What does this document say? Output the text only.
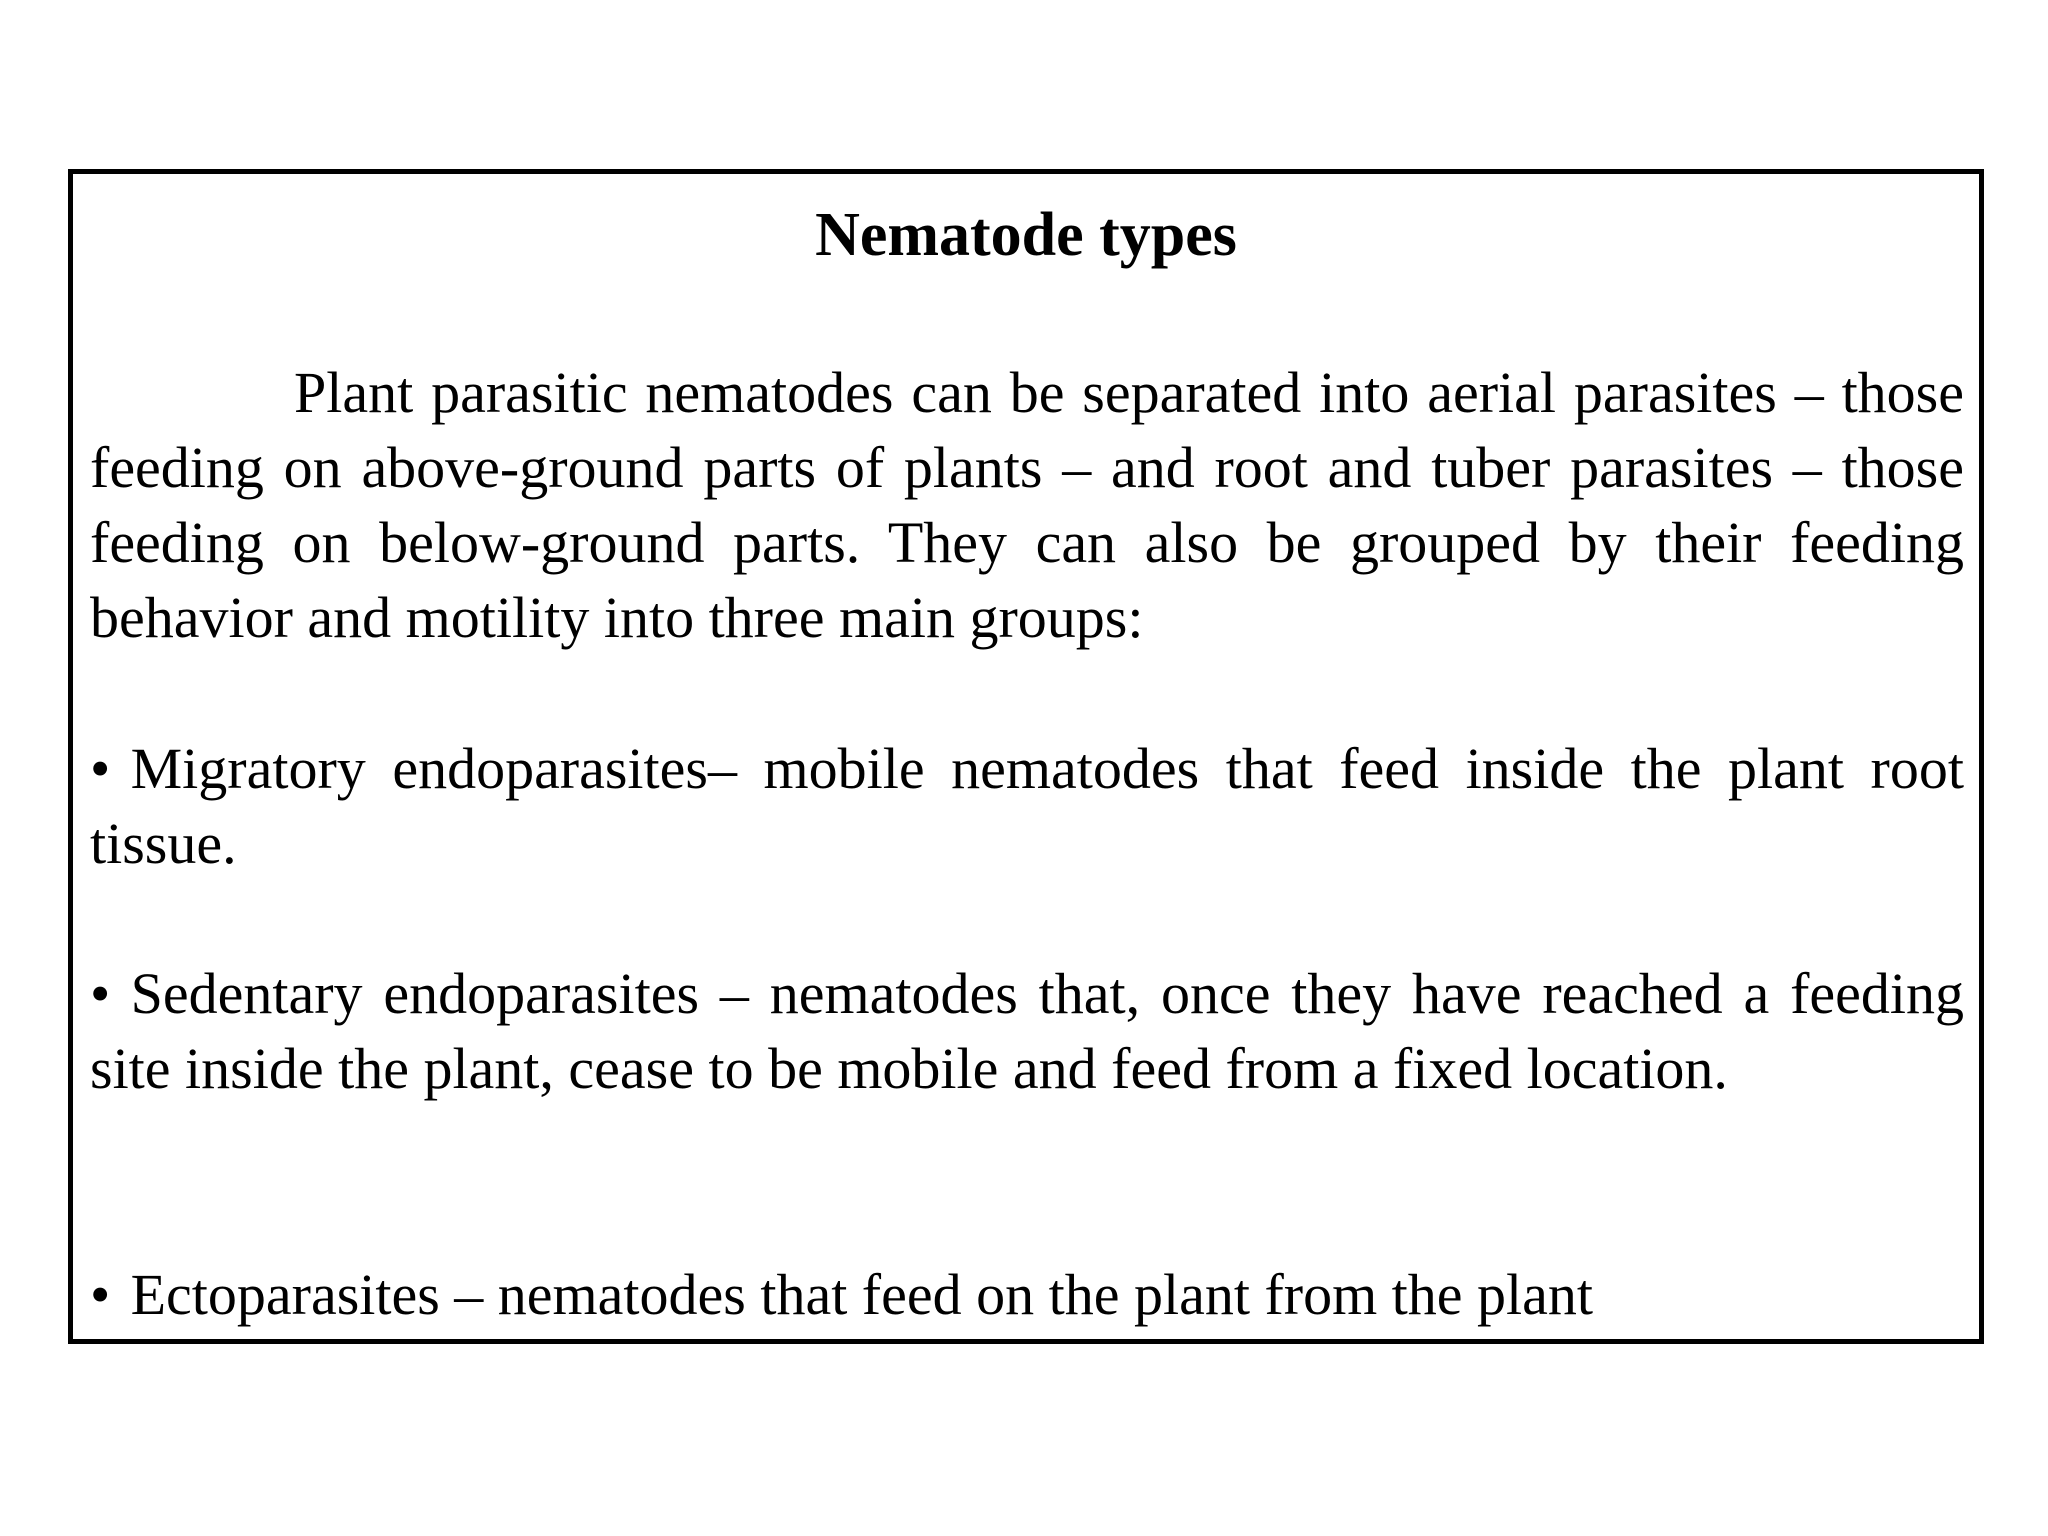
Nematode types

Plant parasitic nematodes can be separated into aerial parasites – those feeding on above-ground parts of plants – and root and tuber parasites – those feeding on below-ground parts. They can also be grouped by their feeding behavior and motility into three main groups:

• Migratory endoparasites– mobile nematodes that feed inside the plant root tissue.

• Sedentary endoparasites – nematodes that, once they have reached a feeding site inside the plant, cease to be mobile and feed from a fixed location.

• Ectoparasites – nematodes that feed on the plant from the plant
